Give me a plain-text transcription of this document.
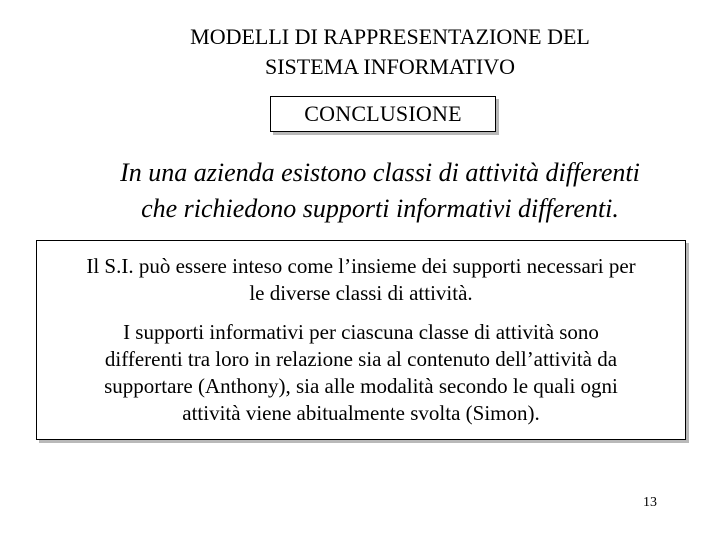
MODELLI DI RAPPRESENTAZIONE DEL
SISTEMA INFORMATIVO
CONCLUSIONE
In una azienda esistono classi di attività differenti
che richiedono supporti informativi differenti.

Il S.I. può essere inteso come l’insieme dei supporti necessari per
le diverse classi di attività.

I supporti informativi per ciascuna classe di attività sono
differenti tra loro in relazione sia al contenuto dell’attività da
supportare (Anthony), sia alle modalità secondo le quali ogni
attività viene abitualmente svolta (Simon).

13
